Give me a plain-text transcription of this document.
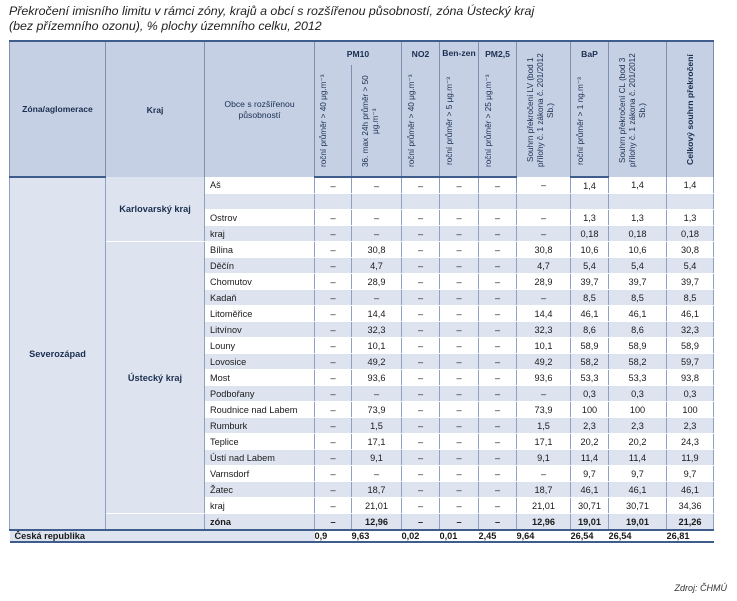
Překročení imisního limitu v rámci zóny, krajů a obcí s rozšířenou působností, zóna Ústecký kraj
(bez přízemního ozonu), % plochy územního celku, 2012
Zóna/aglomerace	Kraj	Obce s rozšířenou působností	PM10		NO2	Ben-zen	PM2,5	Souhrn překročení LV (bod 1 přílohy č. 1 zákona č. 201/2012 Sb.)	BaP	Souhrn překročení CL (bod 3 přílohy č. 1 zákona č. 201/2012 Sb.)	Celkový souhrn překročení

			roční průměr > 40 μg.m⁻³	36. max 24h průměr > 50 μg.m⁻³	roční průměr > 40 μg.m⁻³	roční průměr > 5 μg.m⁻³	roční průměr > 25 μg.m⁻³		roční průměr > 1 ng.m⁻³		

Severozápad	Karlovarský kraj	Aš	–	–	–	–	–	–	1,4	1,4	1,4

		Ostrov	–	–	–	–	–	–	1,3	1,3	1,3
		kraj	–	–	–	–	–	–	0,18	0,18	0,18
	Ústecký kraj	Bílina	–	30,8	–	–	–	30,8	10,6	10,6	30,8
		Děčín	–	4,7	–	–	–	4,7	5,4	5,4	5,4
		Chomutov	–	28,9	–	–	–	28,9	39,7	39,7	39,7
		Kadaň	–	–	–	–	–	–	8,5	8,5	8,5
		Litoměřice	–	14,4	–	–	–	14,4	46,1	46,1	46,1
		Litvínov	–	32,3	–	–	–	32,3	8,6	8,6	32,3
		Louny	–	10,1	–	–	–	10,1	58,9	58,9	58,9
		Lovosice	–	49,2	–	–	–	49,2	58,2	58,2	59,7
		Most	–	93,6	–	–	–	93,6	53,3	53,3	93,8
		Podbořany	–	–	–	–	–	–	0,3	0,3	0,3
		Roudnice nad Labem	–	73,9	–	–	–	73,9	100	100	100
		Rumburk	–	1,5	–	–	–	1,5	2,3	2,3	2,3
		Teplice	–	17,1	–	–	–	17,1	20,2	20,2	24,3
		Ústí nad Labem	–	9,1	–	–	–	9,1	11,4	11,4	11,9
		Varnsdorf	–	–	–	–	–	–	9,7	9,7	9,7
		Žatec	–	18,7	–	–	–	18,7	46,1	46,1	46,1
		kraj	–	21,01	–	–	–	21,01	30,71	30,71	34,36
		zóna	–	12,96	–	–	–	12,96	19,01	19,01	21,26
Česká republika			0,9	9,63	0,02	0,01	2,45	9,64	26,54	26,54	26,81
Zdroj: ČHMÚ
